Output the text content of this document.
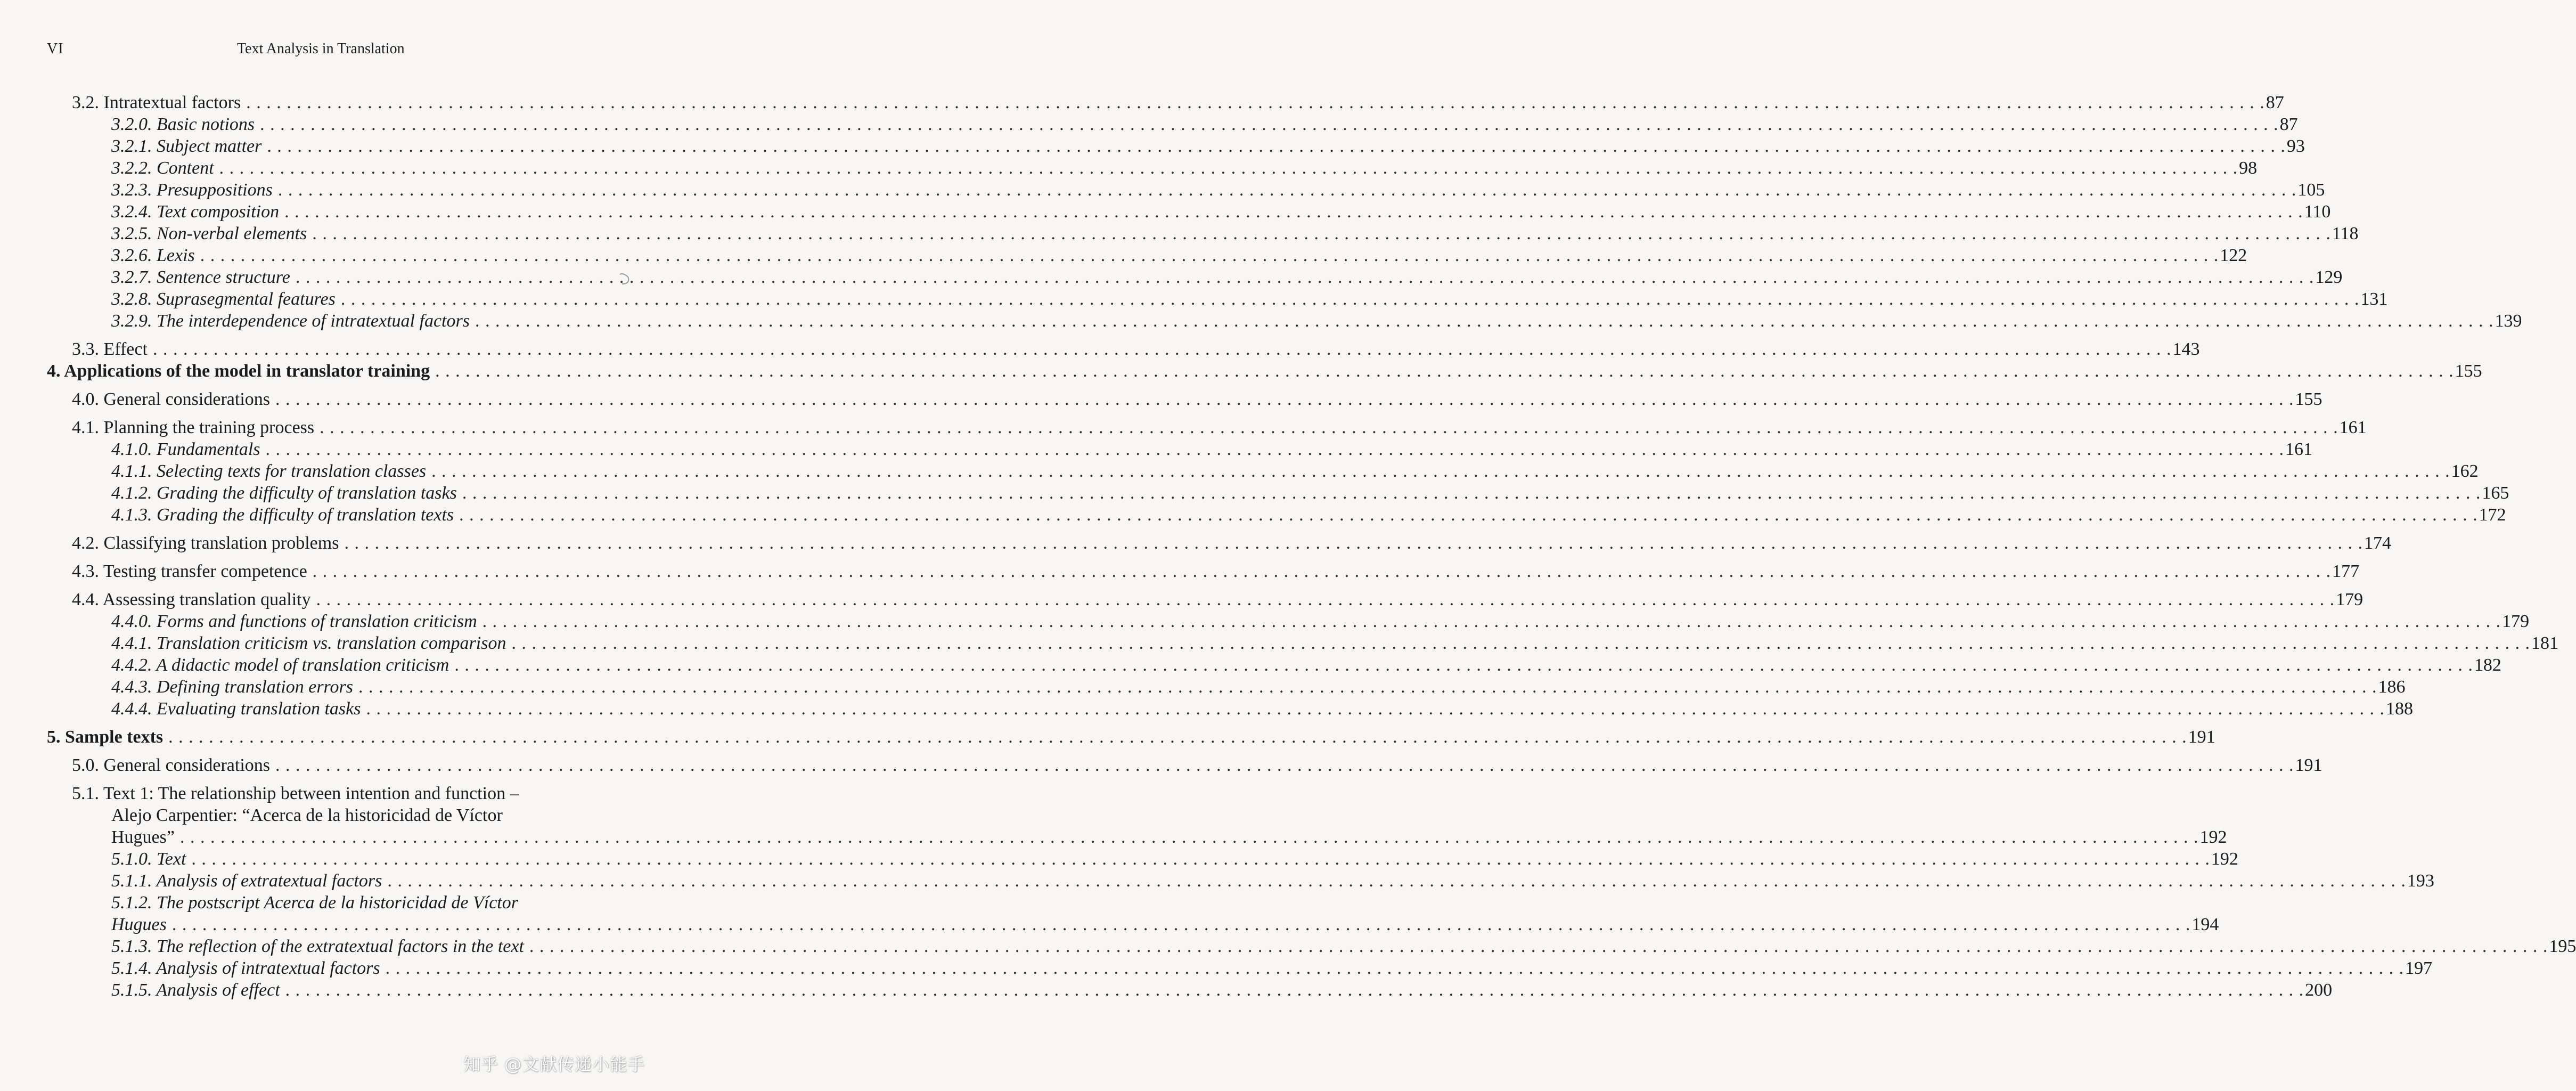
VI	Text Analysis in Translation
3.2. Intratextual factors . . . . . . . . . . . . . . . . . . . . . . . . . . . . . . . . . . . . . . . . . . . . . . . . . . . . . . . . . . . . . . . . . . . . . . . . . . . . . . . . . . . . . . . . . . . . . . . . . . . . . . . . . . . . . . . . . . . . . . . . . . . . . . . . . . . . . . . . . . . . . . . . . . . . . . . . . . . . . . . . . . . . . . . . . . . . . . . . . . . . . . . . . . . . . . . . . . . . . . . . 87
3.2.0. Basic notions . . . . . . . . . . . . . . . . . . . . . . . . . . . . . . . . . . . . . . . . . . . . . . . . . . . . . . . . . . . . . . . . . . . . . . . . . . . . . . . . . . . . . . . . . . . . . . . . . . . . . . . . . . . . . . . . . . . . . . . . . . . . . . . . . . . . . . . . . . . . . . . . . . . . . . . . . . . . . . . . . . . . . . . . . . . . . . . . . . . . . . . . . . . . . . . . . . . . . . . . 87
3.2.1. Subject matter . . . . . . . . . . . . . . . . . . . . . . . . . . . . . . . . . . . . . . . . . . . . . . . . . . . . . . . . . . . . . . . . . . . . . . . . . . . . . . . . . . . . . . . . . . . . . . . . . . . . . . . . . . . . . . . . . . . . . . . . . . . . . . . . . . . . . . . . . . . . . . . . . . . . . . . . . . . . . . . . . . . . . . . . . . . . . . . . . . . . . . . . . . . . . . . . . . . . . . . . 93
3.2.2. Content . . . . . . . . . . . . . . . . . . . . . . . . . . . . . . . . . . . . . . . . . . . . . . . . . . . . . . . . . . . . . . . . . . . . . . . . . . . . . . . . . . . . . . . . . . . . . . . . . . . . . . . . . . . . . . . . . . . . . . . . . . . . . . . . . . . . . . . . . . . . . . . . . . . . . . . . . . . . . . . . . . . . . . . . . . . . . . . . . . . . . . . . . . . . . . . . . . . . . . . . 98
3.2.3. Presuppositions . . . . . . . . . . . . . . . . . . . . . . . . . . . . . . . . . . . . . . . . . . . . . . . . . . . . . . . . . . . . . . . . . . . . . . . . . . . . . . . . . . . . . . . . . . . . . . . . . . . . . . . . . . . . . . . . . . . . . . . . . . . . . . . . . . . . . . . . . . . . . . . . . . . . . . . . . . . . . . . . . . . . . . . . . . . . . . . . . . . . . . . . . . . . . . . . . . . . . . . . 105
3.2.4. Text composition . . . . . . . . . . . . . . . . . . . . . . . . . . . . . . . . . . . . . . . . . . . . . . . . . . . . . . . . . . . . . . . . . . . . . . . . . . . . . . . . . . . . . . . . . . . . . . . . . . . . . . . . . . . . . . . . . . . . . . . . . . . . . . . . . . . . . . . . . . . . . . . . . . . . . . . . . . . . . . . . . . . . . . . . . . . . . . . . . . . . . . . . . . . . . . . . . . . . . . . . 110
3.2.5. Non-verbal elements . . . . . . . . . . . . . . . . . . . . . . . . . . . . . . . . . . . . . . . . . . . . . . . . . . . . . . . . . . . . . . . . . . . . . . . . . . . . . . . . . . . . . . . . . . . . . . . . . . . . . . . . . . . . . . . . . . . . . . . . . . . . . . . . . . . . . . . . . . . . . . . . . . . . . . . . . . . . . . . . . . . . . . . . . . . . . . . . . . . . . . . . . . . . . . . . . . . . . . . . 118
3.2.6. Lexis . . . . . . . . . . . . . . . . . . . . . . . . . . . . . . . . . . . . . . . . . . . . . . . . . . . . . . . . . . . . . . . . . . . . . . . . . . . . . . . . . . . . . . . . . . . . . . . . . . . . . . . . . . . . . . . . . . . . . . . . . . . . . . . . . . . . . . . . . . . . . . . . . . . . . . . . . . . . . . . . . . . . . . . . . . . . . . . . . . . . . . . . . . . . . . . . . . . . . . . . 122
3.2.7. Sentence structure . . . . . . . . . . . . . . . . . . . . . . . . . . . . . . . . . . . . . . . . . . . . . . . . . . . . . . . . . . . . . . . . . . . . . . . . . . . . . . . . . . . . . . . . . . . . . . . . . . . . . . . . . . . . . . . . . . . . . . . . . . . . . . . . . . . . . . . . . . . . . . . . . . . . . . . . . . . . . . . . . . . . . . . . . . . . . . . . . . . . . . . . . . . . . . . . . . . . . . . . 129
3.2.8. Suprasegmental features . . . . . . . . . . . . . . . . . . . . . . . . . . . . . . . . . . . . . . . . . . . . . . . . . . . . . . . . . . . . . . . . . . . . . . . . . . . . . . . . . . . . . . . . . . . . . . . . . . . . . . . . . . . . . . . . . . . . . . . . . . . . . . . . . . . . . . . . . . . . . . . . . . . . . . . . . . . . . . . . . . . . . . . . . . . . . . . . . . . . . . . . . . . . . . . . . . . . . . . . 131
3.2.9. The interdependence of intratextual factors . . . . . . . . . . . . . . . . . . . . . . . . . . . . . . . . . . . . . . . . . . . . . . . . . . . . . . . . . . . . . . . . . . . . . . . . . . . . . . . . . . . . . . . . . . . . . . . . . . . . . . . . . . . . . . . . . . . . . . . . . . . . . . . . . . . . . . . . . . . . . . . . . . . . . . . . . . . . . . . . . . . . . . . . . . . . . . . . . . . . . . . . . . . . . . . . . . . . . . . . 139
3.3. Effect . . . . . . . . . . . . . . . . . . . . . . . . . . . . . . . . . . . . . . . . . . . . . . . . . . . . . . . . . . . . . . . . . . . . . . . . . . . . . . . . . . . . . . . . . . . . . . . . . . . . . . . . . . . . . . . . . . . . . . . . . . . . . . . . . . . . . . . . . . . . . . . . . . . . . . . . . . . . . . . . . . . . . . . . . . . . . . . . . . . . . . . . . . . . . . . . . . . . . . . . 143
4. Applications of the model in translator training . . . . . . . . . . . . . . . . . . . . . . . . . . . . . . . . . . . . . . . . . . . . . . . . . . . . . . . . . . . . . . . . . . . . . . . . . . . . . . . . . . . . . . . . . . . . . . . . . . . . . . . . . . . . . . . . . . . . . . . . . . . . . . . . . . . . . . . . . . . . . . . . . . . . . . . . . . . . . . . . . . . . . . . . . . . . . . . . . . . . . . . . . . . . . . . . . . . . . . . . 155
4.0. General considerations . . . . . . . . . . . . . . . . . . . . . . . . . . . . . . . . . . . . . . . . . . . . . . . . . . . . . . . . . . . . . . . . . . . . . . . . . . . . . . . . . . . . . . . . . . . . . . . . . . . . . . . . . . . . . . . . . . . . . . . . . . . . . . . . . . . . . . . . . . . . . . . . . . . . . . . . . . . . . . . . . . . . . . . . . . . . . . . . . . . . . . . . . . . . . . . . . . . . . . . . 155
4.1. Planning the training process . . . . . . . . . . . . . . . . . . . . . . . . . . . . . . . . . . . . . . . . . . . . . . . . . . . . . . . . . . . . . . . . . . . . . . . . . . . . . . . . . . . . . . . . . . . . . . . . . . . . . . . . . . . . . . . . . . . . . . . . . . . . . . . . . . . . . . . . . . . . . . . . . . . . . . . . . . . . . . . . . . . . . . . . . . . . . . . . . . . . . . . . . . . . . . . . . . . . . . . . 161
4.1.0. Fundamentals . . . . . . . . . . . . . . . . . . . . . . . . . . . . . . . . . . . . . . . . . . . . . . . . . . . . . . . . . . . . . . . . . . . . . . . . . . . . . . . . . . . . . . . . . . . . . . . . . . . . . . . . . . . . . . . . . . . . . . . . . . . . . . . . . . . . . . . . . . . . . . . . . . . . . . . . . . . . . . . . . . . . . . . . . . . . . . . . . . . . . . . . . . . . . . . . . . . . . . . . 161
4.1.1. Selecting texts for translation classes . . . . . . . . . . . . . . . . . . . . . . . . . . . . . . . . . . . . . . . . . . . . . . . . . . . . . . . . . . . . . . . . . . . . . . . . . . . . . . . . . . . . . . . . . . . . . . . . . . . . . . . . . . . . . . . . . . . . . . . . . . . . . . . . . . . . . . . . . . . . . . . . . . . . . . . . . . . . . . . . . . . . . . . . . . . . . . . . . . . . . . . . . . . . . . . . . . . . . . . . 162
4.1.2. Grading the difficulty of translation tasks . . . . . . . . . . . . . . . . . . . . . . . . . . . . . . . . . . . . . . . . . . . . . . . . . . . . . . . . . . . . . . . . . . . . . . . . . . . . . . . . . . . . . . . . . . . . . . . . . . . . . . . . . . . . . . . . . . . . . . . . . . . . . . . . . . . . . . . . . . . . . . . . . . . . . . . . . . . . . . . . . . . . . . . . . . . . . . . . . . . . . . . . . . . . . . . . . . . . . . . . 165
4.1.3. Grading the difficulty of translation texts . . . . . . . . . . . . . . . . . . . . . . . . . . . . . . . . . . . . . . . . . . . . . . . . . . . . . . . . . . . . . . . . . . . . . . . . . . . . . . . . . . . . . . . . . . . . . . . . . . . . . . . . . . . . . . . . . . . . . . . . . . . . . . . . . . . . . . . . . . . . . . . . . . . . . . . . . . . . . . . . . . . . . . . . . . . . . . . . . . . . . . . . . . . . . . . . . . . . . . . . 172
4.2. Classifying translation problems . . . . . . . . . . . . . . . . . . . . . . . . . . . . . . . . . . . . . . . . . . . . . . . . . . . . . . . . . . . . . . . . . . . . . . . . . . . . . . . . . . . . . . . . . . . . . . . . . . . . . . . . . . . . . . . . . . . . . . . . . . . . . . . . . . . . . . . . . . . . . . . . . . . . . . . . . . . . . . . . . . . . . . . . . . . . . . . . . . . . . . . . . . . . . . . . . . . . . . . . 174
4.3. Testing transfer competence . . . . . . . . . . . . . . . . . . . . . . . . . . . . . . . . . . . . . . . . . . . . . . . . . . . . . . . . . . . . . . . . . . . . . . . . . . . . . . . . . . . . . . . . . . . . . . . . . . . . . . . . . . . . . . . . . . . . . . . . . . . . . . . . . . . . . . . . . . . . . . . . . . . . . . . . . . . . . . . . . . . . . . . . . . . . . . . . . . . . . . . . . . . . . . . . . . . . . . . . 177
4.4. Assessing translation quality . . . . . . . . . . . . . . . . . . . . . . . . . . . . . . . . . . . . . . . . . . . . . . . . . . . . . . . . . . . . . . . . . . . . . . . . . . . . . . . . . . . . . . . . . . . . . . . . . . . . . . . . . . . . . . . . . . . . . . . . . . . . . . . . . . . . . . . . . . . . . . . . . . . . . . . . . . . . . . . . . . . . . . . . . . . . . . . . . . . . . . . . . . . . . . . . . . . . . . . . 179
4.4.0. Forms and functions of translation criticism . . . . . . . . . . . . . . . . . . . . . . . . . . . . . . . . . . . . . . . . . . . . . . . . . . . . . . . . . . . . . . . . . . . . . . . . . . . . . . . . . . . . . . . . . . . . . . . . . . . . . . . . . . . . . . . . . . . . . . . . . . . . . . . . . . . . . . . . . . . . . . . . . . . . . . . . . . . . . . . . . . . . . . . . . . . . . . . . . . . . . . . . . . . . . . . . . . . . . . . . 179
4.4.1. Translation criticism vs. translation comparison . . . . . . . . . . . . . . . . . . . . . . . . . . . . . . . . . . . . . . . . . . . . . . . . . . . . . . . . . . . . . . . . . . . . . . . . . . . . . . . . . . . . . . . . . . . . . . . . . . . . . . . . . . . . . . . . . . . . . . . . . . . . . . . . . . . . . . . . . . . . . . . . . . . . . . . . . . . . . . . . . . . . . . . . . . . . . . . . . . . . . . . . . . . . . . . . . . . . . . . . 181
4.4.2. A didactic model of translation criticism . . . . . . . . . . . . . . . . . . . . . . . . . . . . . . . . . . . . . . . . . . . . . . . . . . . . . . . . . . . . . . . . . . . . . . . . . . . . . . . . . . . . . . . . . . . . . . . . . . . . . . . . . . . . . . . . . . . . . . . . . . . . . . . . . . . . . . . . . . . . . . . . . . . . . . . . . . . . . . . . . . . . . . . . . . . . . . . . . . . . . . . . . . . . . . . . . . . . . . . . 182
4.4.3. Defining translation errors . . . . . . . . . . . . . . . . . . . . . . . . . . . . . . . . . . . . . . . . . . . . . . . . . . . . . . . . . . . . . . . . . . . . . . . . . . . . . . . . . . . . . . . . . . . . . . . . . . . . . . . . . . . . . . . . . . . . . . . . . . . . . . . . . . . . . . . . . . . . . . . . . . . . . . . . . . . . . . . . . . . . . . . . . . . . . . . . . . . . . . . . . . . . . . . . . . . . . . . . 186
4.4.4. Evaluating translation tasks . . . . . . . . . . . . . . . . . . . . . . . . . . . . . . . . . . . . . . . . . . . . . . . . . . . . . . . . . . . . . . . . . . . . . . . . . . . . . . . . . . . . . . . . . . . . . . . . . . . . . . . . . . . . . . . . . . . . . . . . . . . . . . . . . . . . . . . . . . . . . . . . . . . . . . . . . . . . . . . . . . . . . . . . . . . . . . . . . . . . . . . . . . . . . . . . . . . . . . . . 188
5. Sample texts . . . . . . . . . . . . . . . . . . . . . . . . . . . . . . . . . . . . . . . . . . . . . . . . . . . . . . . . . . . . . . . . . . . . . . . . . . . . . . . . . . . . . . . . . . . . . . . . . . . . . . . . . . . . . . . . . . . . . . . . . . . . . . . . . . . . . . . . . . . . . . . . . . . . . . . . . . . . . . . . . . . . . . . . . . . . . . . . . . . . . . . . . . . . . . . . . . . . . . . . 191
5.0. General considerations . . . . . . . . . . . . . . . . . . . . . . . . . . . . . . . . . . . . . . . . . . . . . . . . . . . . . . . . . . . . . . . . . . . . . . . . . . . . . . . . . . . . . . . . . . . . . . . . . . . . . . . . . . . . . . . . . . . . . . . . . . . . . . . . . . . . . . . . . . . . . . . . . . . . . . . . . . . . . . . . . . . . . . . . . . . . . . . . . . . . . . . . . . . . . . . . . . . . . . . . 191
5.1. Text 1: The relationship between intention and function –
Alejo Carpentier: “Acerca de la historicidad de Víctor
Hugues” . . . . . . . . . . . . . . . . . . . . . . . . . . . . . . . . . . . . . . . . . . . . . . . . . . . . . . . . . . . . . . . . . . . . . . . . . . . . . . . . . . . . . . . . . . . . . . . . . . . . . . . . . . . . . . . . . . . . . . . . . . . . . . . . . . . . . . . . . . . . . . . . . . . . . . . . . . . . . . . . . . . . . . . . . . . . . . . . . . . . . . . . . . . . . . . . . . . . . . . . 192
5.1.0. Text . . . . . . . . . . . . . . . . . . . . . . . . . . . . . . . . . . . . . . . . . . . . . . . . . . . . . . . . . . . . . . . . . . . . . . . . . . . . . . . . . . . . . . . . . . . . . . . . . . . . . . . . . . . . . . . . . . . . . . . . . . . . . . . . . . . . . . . . . . . . . . . . . . . . . . . . . . . . . . . . . . . . . . . . . . . . . . . . . . . . . . . . . . . . . . . . . . . . . . . . 192
5.1.1. Analysis of extratextual factors . . . . . . . . . . . . . . . . . . . . . . . . . . . . . . . . . . . . . . . . . . . . . . . . . . . . . . . . . . . . . . . . . . . . . . . . . . . . . . . . . . . . . . . . . . . . . . . . . . . . . . . . . . . . . . . . . . . . . . . . . . . . . . . . . . . . . . . . . . . . . . . . . . . . . . . . . . . . . . . . . . . . . . . . . . . . . . . . . . . . . . . . . . . . . . . . . . . . . . . . 193
5.1.2. The postscript Acerca de la historicidad de Víctor
Hugues . . . . . . . . . . . . . . . . . . . . . . . . . . . . . . . . . . . . . . . . . . . . . . . . . . . . . . . . . . . . . . . . . . . . . . . . . . . . . . . . . . . . . . . . . . . . . . . . . . . . . . . . . . . . . . . . . . . . . . . . . . . . . . . . . . . . . . . . . . . . . . . . . . . . . . . . . . . . . . . . . . . . . . . . . . . . . . . . . . . . . . . . . . . . . . . . . . . . . . . . 194
5.1.3. The reflection of the extratextual factors in the text . . . . . . . . . . . . . . . . . . . . . . . . . . . . . . . . . . . . . . . . . . . . . . . . . . . . . . . . . . . . . . . . . . . . . . . . . . . . . . . . . . . . . . . . . . . . . . . . . . . . . . . . . . . . . . . . . . . . . . . . . . . . . . . . . . . . . . . . . . . . . . . . . . . . . . . . . . . . . . . . . . . . . . . . . . . . . . . . . . . . . . . . . . . . . . . . . . . . . . . . 195
5.1.4. Analysis of intratextual factors . . . . . . . . . . . . . . . . . . . . . . . . . . . . . . . . . . . . . . . . . . . . . . . . . . . . . . . . . . . . . . . . . . . . . . . . . . . . . . . . . . . . . . . . . . . . . . . . . . . . . . . . . . . . . . . . . . . . . . . . . . . . . . . . . . . . . . . . . . . . . . . . . . . . . . . . . . . . . . . . . . . . . . . . . . . . . . . . . . . . . . . . . . . . . . . . . . . . . . . . 197
5.1.5. Analysis of effect . . . . . . . . . . . . . . . . . . . . . . . . . . . . . . . . . . . . . . . . . . . . . . . . . . . . . . . . . . . . . . . . . . . . . . . . . . . . . . . . . . . . . . . . . . . . . . . . . . . . . . . . . . . . . . . . . . . . . . . . . . . . . . . . . . . . . . . . . . . . . . . . . . . . . . . . . . . . . . . . . . . . . . . . . . . . . . . . . . . . . . . . . . . . . . . . . . . . . . . . 200
知乎 @文献传递小能手
